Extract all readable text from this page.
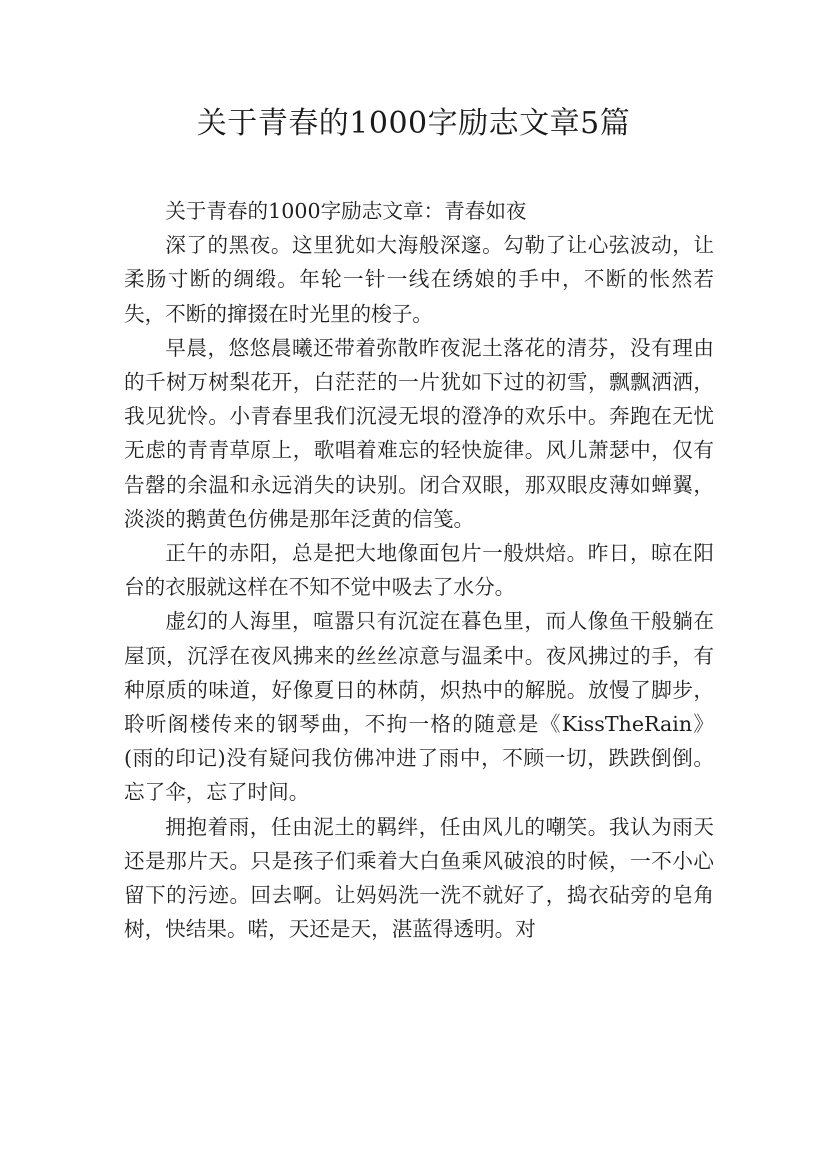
关于青春的1000字励志文章5篇

关于青春的1000字励志文章：青春如夜

深了的黑夜。这里犹如大海般深邃。勾勒了让心弦波动，让柔肠寸断的绸缎。年轮一针一线在绣娘的手中，不断的怅然若失，不断的撺掇在时光里的梭子。

早晨，悠悠晨曦还带着弥散昨夜泥土落花的清芬，没有理由的千树万树梨花开，白茫茫的一片犹如下过的初雪，飘飘洒洒，我见犹怜。小青春里我们沉浸无垠的澄净的欢乐中。奔跑在无忧无虑的青青草原上，歌唱着难忘的轻快旋律。风儿萧瑟中，仅有告罄的余温和永远消失的诀别。闭合双眼，那双眼皮薄如蝉翼，淡淡的鹅黄色仿佛是那年泛黄的信笺。

正午的赤阳，总是把大地像面包片一般烘焙。昨日，晾在阳台的衣服就这样在不知不觉中吸去了水分。

虚幻的人海里，喧嚣只有沉淀在暮色里，而人像鱼干般躺在屋顶，沉浮在夜风拂来的丝丝凉意与温柔中。夜风拂过的手，有种原质的味道，好像夏日的林荫，炽热中的解脱。放慢了脚步，聆听阁楼传来的钢琴曲，不拘一格的随意是《KissTheRain》(雨的印记)没有疑问我仿佛冲进了雨中，不顾一切，跌跌倒倒。忘了伞，忘了时间。

拥抱着雨，任由泥土的羁绊，任由风儿的嘲笑。我认为雨天还是那片天。只是孩子们乘着大白鱼乘风破浪的时候，一不小心留下的污迹。回去啊。让妈妈洗一洗不就好了，捣衣砧旁的皂角树，快结果。喏，天还是天，湛蓝得透明。对
